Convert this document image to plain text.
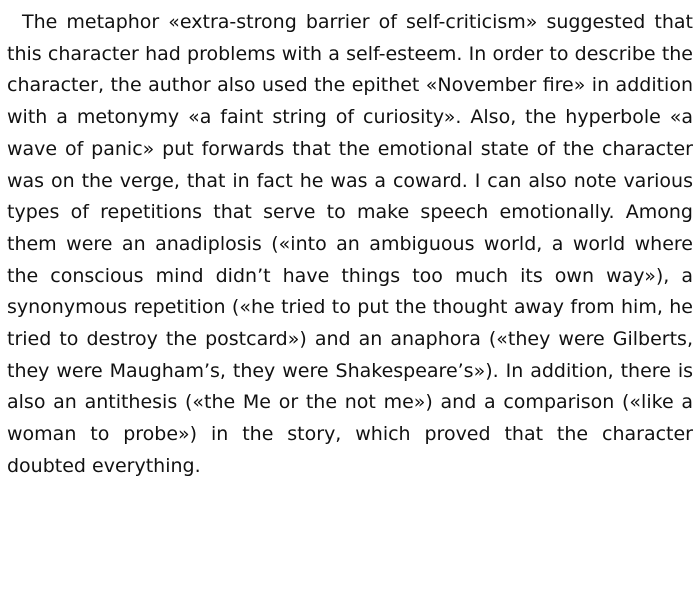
The metaphor «extra-strong barrier of self-criticism» suggested that this character had problems with a self-esteem. In order to describe the character, the author also used the epithet «November fire» in addition with a metonymy «a faint string of curiosity». Also, the hyperbole «a wave of panic» put forwards that the emotional state of the character was on the verge, that in fact he was a coward. I can also note various types of repetitions that serve to make speech emotionally. Among them were an anadiplosis («into an ambiguous world, a world where the conscious mind didn’t have things too much its own way»), a synonymous repetition («he tried to put the thought away from him, he tried to destroy the postcard») and an anaphora («they were Gilberts, they were Maugham’s, they were Shakespeare’s»). In addition, there is also an antithesis («the Me or the not me») and a comparison («like a woman to probe») in the story, which proved that the character doubted everything.
